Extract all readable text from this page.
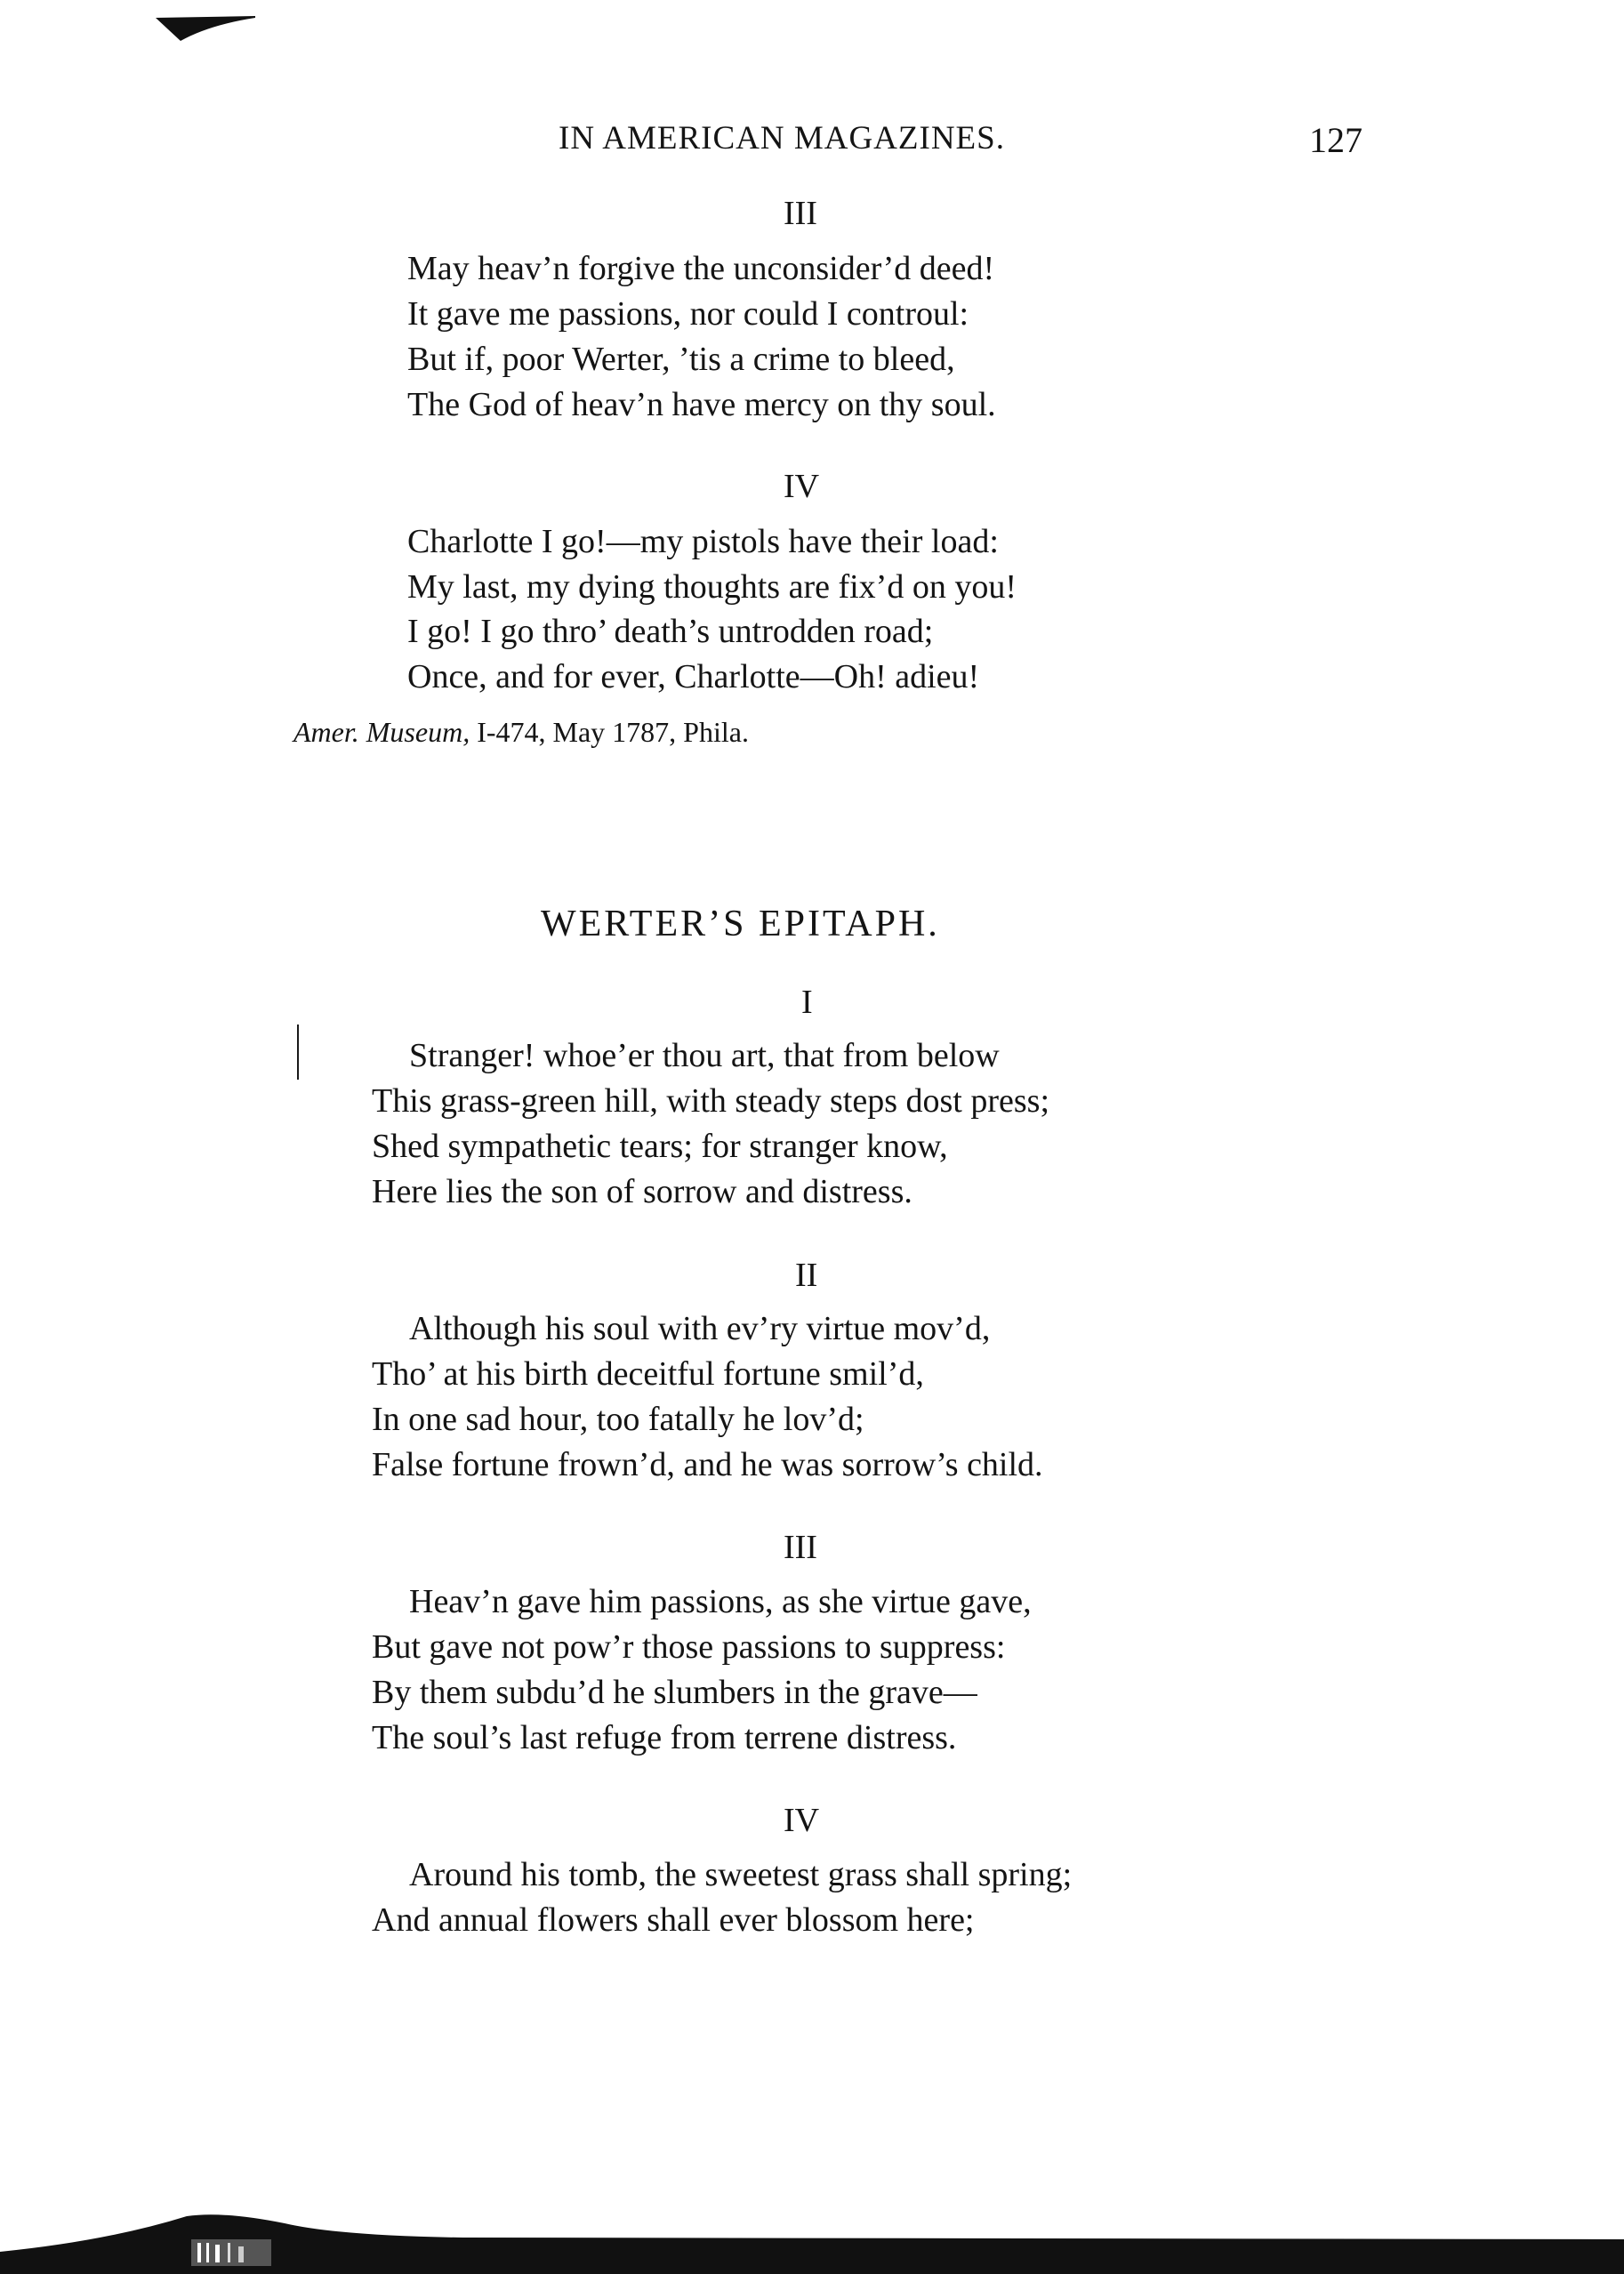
IN AMERICAN MAGAZINES.	127
III
May heav’n forgive the unconsider’d deed!
It gave me passions, nor could I controul:
But if, poor Werter, ’tis a crime to bleed,
The God of heav’n have mercy on thy soul.
IV
Charlotte I go!—my pistols have their load:
My last, my dying thoughts are fix’d on you!
I go! I go thro’ death’s untrodden road;
Once, and for ever, Charlotte—Oh! adieu!
Amer. Museum, I-474, May 1787, Phila.
WERTER’S EPITAPH.
I
Stranger! whoe’er thou art, that from below
This grass-green hill, with steady steps dost press;
Shed sympathetic tears; for stranger know,
Here lies the son of sorrow and distress.
II
Although his soul with ev’ry virtue mov’d,
Tho’ at his birth deceitful fortune smil’d,
In one sad hour, too fatally he lov’d;
False fortune frown’d, and he was sorrow’s child.
III
Heav’n gave him passions, as she virtue gave,
But gave not pow’r those passions to suppress:
By them subdu’d he slumbers in the grave—
The soul’s last refuge from terrene distress.
IV
Around his tomb, the sweetest grass shall spring;
And annual flowers shall ever blossom here;
